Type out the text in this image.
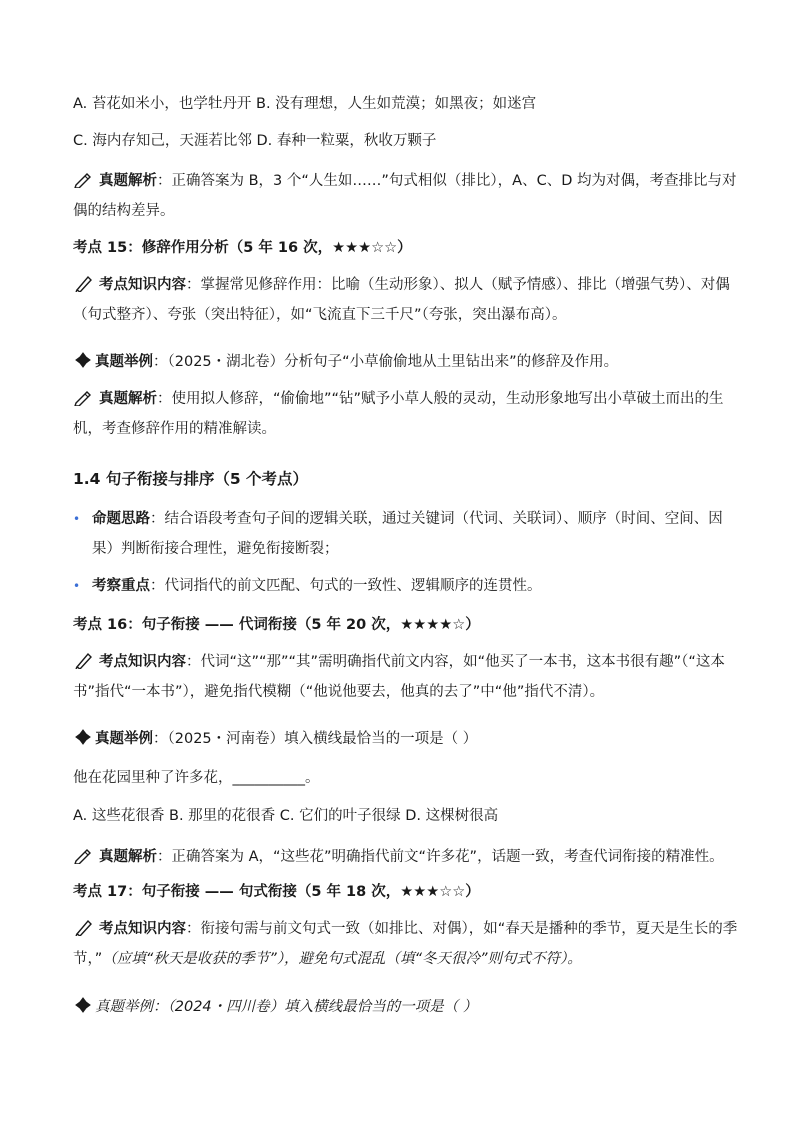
A. 苔花如米小，也学牡丹开 B. 没有理想，人生如荒漠；如黑夜；如迷宫
C. 海内存知己，天涯若比邻 D. 春种一粒粟，秋收万颗子
真题解析：正确答案为 B，3 个“人生如……”句式相似（排比），A、C、D 均为对偶，考查排比与对偶的结构差异。
考点 15：修辞作用分析（5 年 16 次，★★★☆☆）
考点知识内容：掌握常见修辞作用：比喻（生动形象）、拟人（赋予情感）、排比（增强气势）、对偶（句式整齐）、夸张（突出特征），如“飞流直下三千尺”（夸张，突出瀑布高）。
真题举例：（2025・湖北卷）分析句子“小草偷偷地从土里钻出来”的修辞及作用。
真题解析：使用拟人修辞，“偷偷地”“钻”赋予小草人般的灵动，生动形象地写出小草破土而出的生机，考查修辞作用的精准解读。
1.4 句子衔接与排序（5 个考点）
• 命题思路：结合语段考查句子间的逻辑关联，通过关键词（代词、关联词）、顺序（时间、空间、因果）判断衔接合理性，避免衔接断裂；
• 考察重点：代词指代的前文匹配、句式的一致性、逻辑顺序的连贯性。
考点 16：句子衔接 —— 代词衔接（5 年 20 次，★★★★☆）
考点知识内容：代词“这”“那”“其”需明确指代前文内容，如“他买了一本书，这本书很有趣”（“这本书”指代“一本书”），避免指代模糊（“他说他要去，他真的去了”中“他”指代不清）。
真题举例：（2025・河南卷）填入横线最恰当的一项是（ ）
他在花园里种了许多花，__________。
A. 这些花很香 B. 那里的花很香 C. 它们的叶子很绿 D. 这棵树很高
真题解析：正确答案为 A，“这些花”明确指代前文“许多花”，话题一致，考查代词衔接的精准性。
考点 17：句子衔接 —— 句式衔接（5 年 18 次，★★★☆☆）
考点知识内容：衔接句需与前文句式一致（如排比、对偶），如“春天是播种的季节，夏天是生长的季节，”（应填“秋天是收获的季节”），避免句式混乱（填“冬天很冷”则句式不符）。
真题举例：（2024・四川卷）填入横线最恰当的一项是（ ）
